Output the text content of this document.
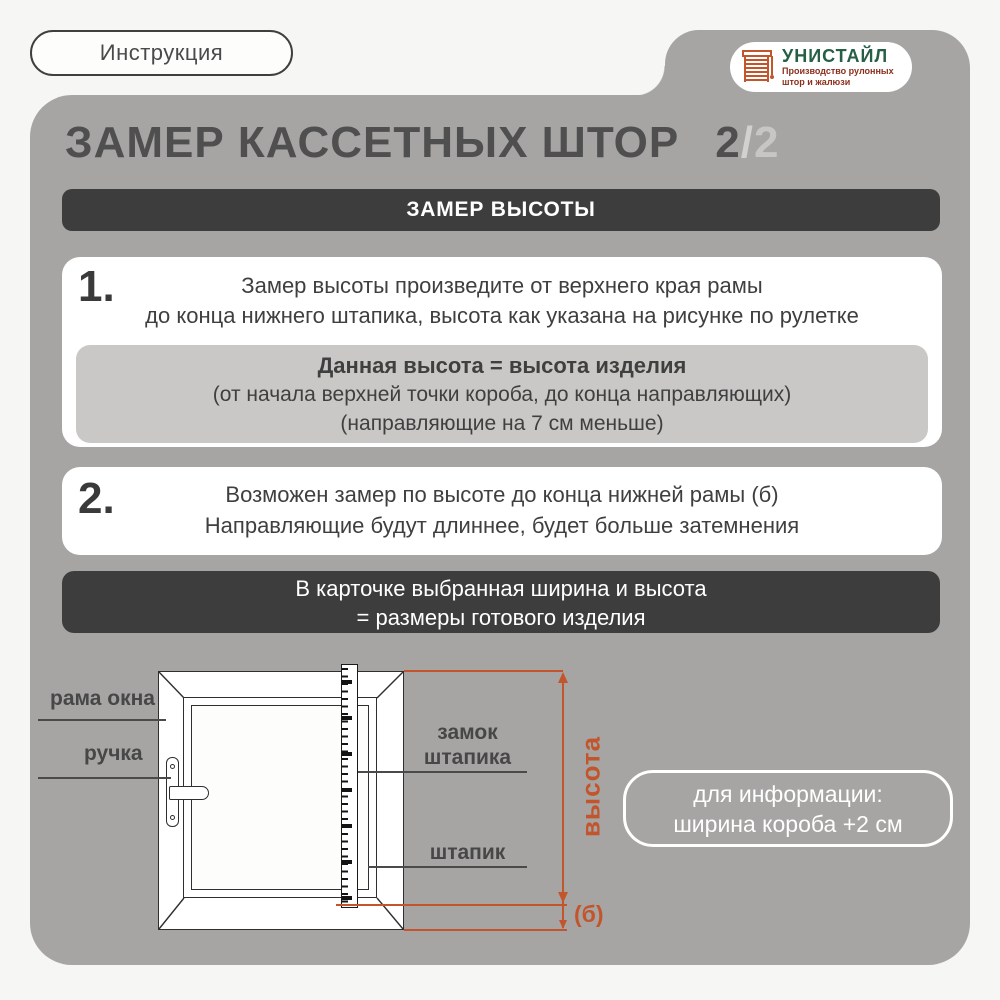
Инструкция	УНИСТАЙЛ
Производство рулонных
штор и жалюзи
ЗАМЕР КАССЕТНЫХ ШТОР 2/2
ЗАМЕР ВЫСОТЫ
Замер высоты произведите от верхнего края рамы
до конца нижнего штапика, высота как указана на рисунке по рулетке
Данная высота = высота изделия
(от начала верхней точки короба, до конца направляющих)
(направляющие на 7 см меньше)
1.
Возможен замер по высоте до конца нижней рамы (б)
Направляющие будут длиннее, будет больше затемнения
2.
В карточке выбранная ширина и высота
= размеры готового изделия
рама окна
ручка
замок
штапика
штапик
высота
(б)
для информации:
ширина короба +2 см
